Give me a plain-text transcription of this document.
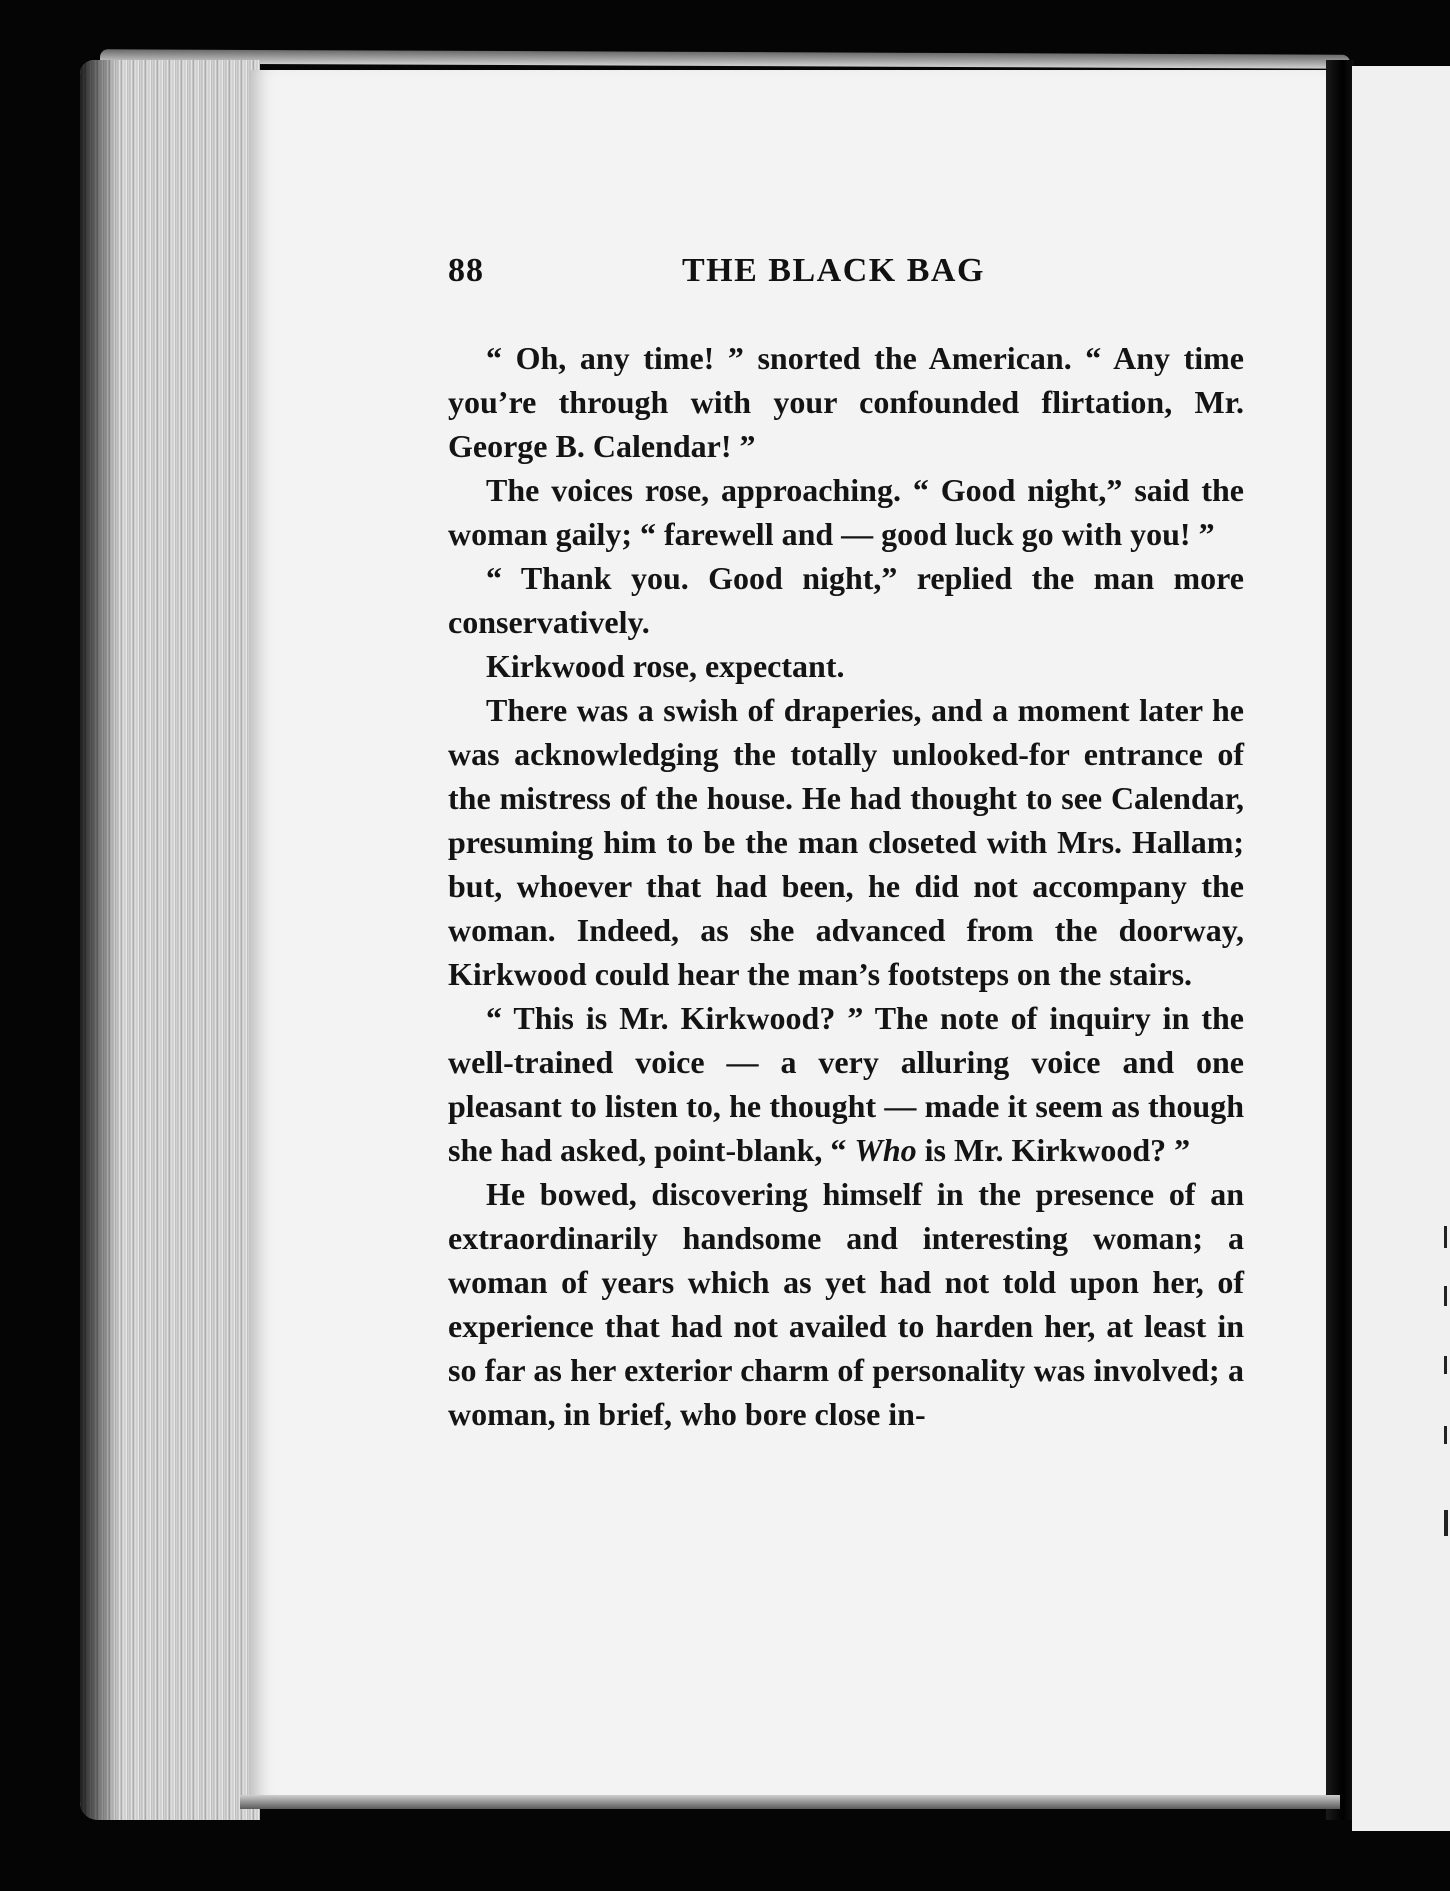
88	THE BLACK BAG

“ Oh, any time! ” snorted the American. “ Any time you’re through with your confounded flirtation, Mr. George B. Calendar! ”

The voices rose, approaching. “ Good night,” said the woman gaily; “ farewell and — good luck go with you! ”

“ Thank you. Good night,” replied the man more conservatively.

Kirkwood rose, expectant.

There was a swish of draperies, and a moment later he was acknowledging the totally unlooked-for entrance of the mistress of the house. He had thought to see Calendar, presuming him to be the man closeted with Mrs. Hallam; but, whoever that had been, he did not accompany the woman. Indeed, as she advanced from the doorway, Kirkwood could hear the man’s footsteps on the stairs.

“ This is Mr. Kirkwood? ” The note of inquiry in the well-trained voice — a very alluring voice and one pleasant to listen to, he thought — made it seem as though she had asked, point-blank, “ Who is Mr. Kirkwood? ”

He bowed, discovering himself in the presence of an extraordinarily handsome and interesting woman; a woman of years which as yet had not told upon her, of experience that had not availed to harden her, at least in so far as her exterior charm of personality was involved; a woman, in brief, who bore close in-
